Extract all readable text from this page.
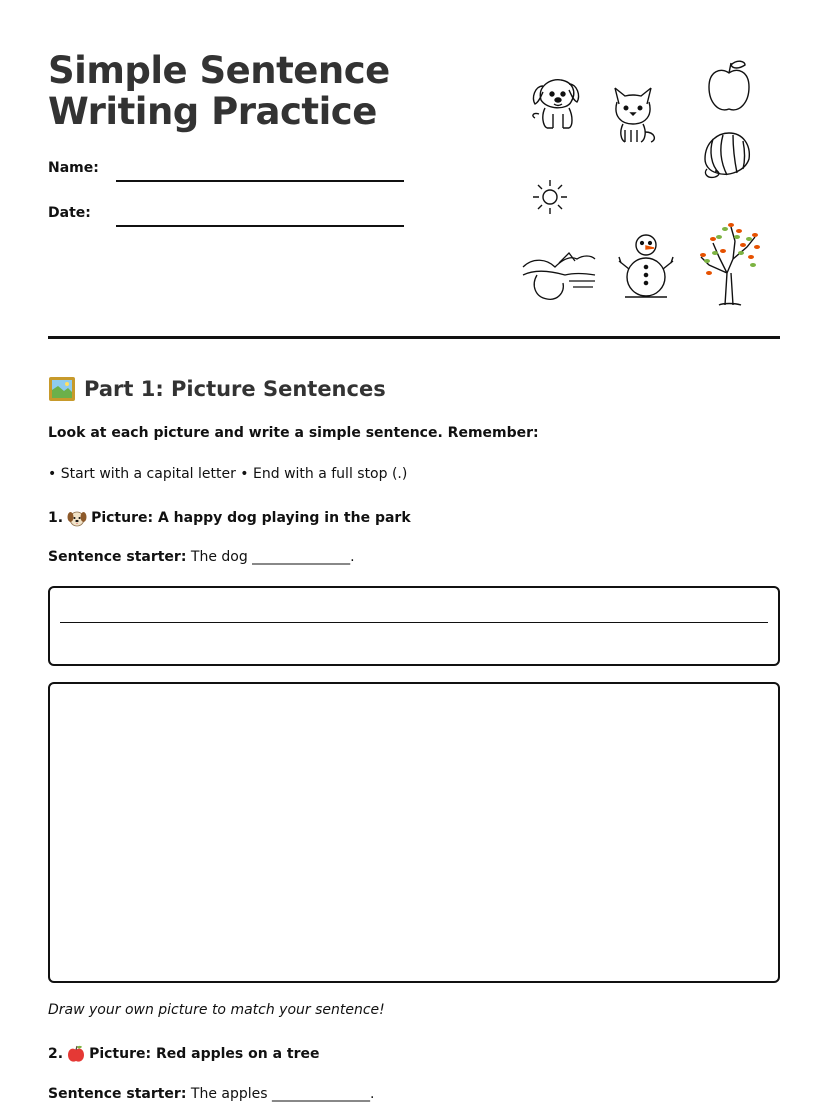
Simple Sentence
Writing Practice
Name:
Date:
Part 1: Picture Sentences
Look at each picture and write a simple sentence. Remember:
• Start with a capital letter • End with a full stop (.)
1. Picture: A happy dog playing in the park
Sentence starter: The dog ______________.
Draw your own picture to match your sentence!
2. Picture: Red apples on a tree
Sentence starter: The apples ______________.
